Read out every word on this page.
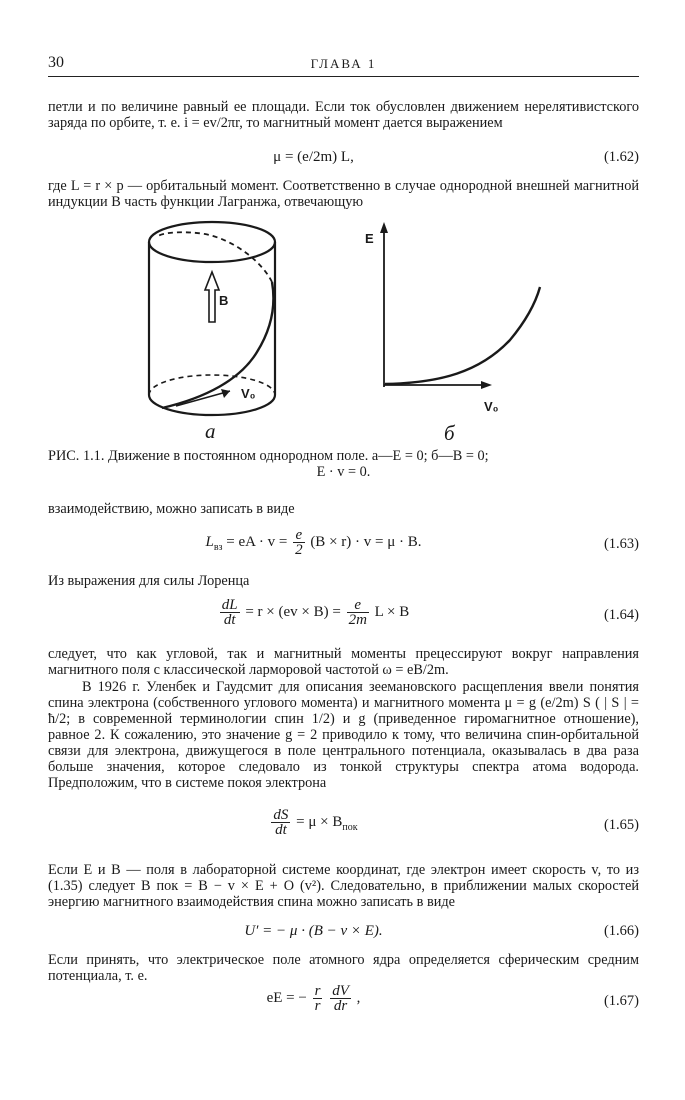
30	ГЛАВА 1
петли и по величине равный ее площади. Если ток обусловлен движением нерелятивистского заряда по орбите, т. е. i = ev/2πr, то магнитный момент дается выражением
μ = (e/2m) L,	(1.62)
где L = r × p — орбитальный момент. Соответственно в случае однородной внешней магнитной индукции B часть функции Лагранжа, отвечающую
B
V₀
a
E
V₀
б
РИС. 1.1. Движение в постоянном однородном поле. a—E = 0; б—B = 0;
E · v = 0.
взаимодействию, можно записать в виде
$L_{вз}$ = eA · $v = \frac{e}{2} (B \times r) \cdot v = \mu \cdot B$.	(1.63)
Из выражения для силы Лоренца
$\frac{dL}{dt} = r \times (ev \times B) = \frac{e}{2m}$ L × B	(1.64)
следует, что как угловой, так и магнитный моменты прецессируют вокруг направления магнитного поля с классической ларморовой частотой ω = eB/2m.
В 1926 г. Уленбек и Гаудсмит для описания зеемановского расщепления ввели понятия спина электрона (собственного углового момента) и магнитного момента μ = g (e/2m) S ( | S | = ħ/2; в современной терминологии спин 1/2) и g (приведенное гиромагнитное отношение), равное 2. К сожалению, это значение g = 2 приводило к тому, что величина спин-орбитальной связи для электрона, движущегося в поле центрального потенциала, оказывалась в два раза больше значения, которое следовало из тонкой структуры спектра атома водорода. Предположим, что в системе покоя электрона
$\frac{dS}{dt} = \mu \times B_{пок}$	(1.65)
Если E и B — поля в лабораторной системе координат, где электрон имеет скорость v, то из (1.35) следует B пок = B − v × E + O (v²). Следовательно, в приближении малых скоростей энергию магнитного взаимодействия спина можно записать в виде
U′ = − μ · (B − v × E).	(1.66)
Если принять, что электрическое поле атомного ядра определяется сферическим средним потенциала, т. е.
eE = − $\frac{r}{r}$
$\frac{dV}{dr}$ ,	(1.67)
